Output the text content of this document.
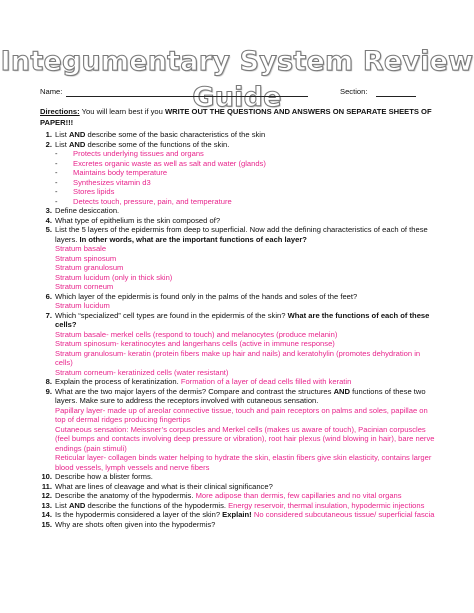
Integumentary System Review Guide
Name:	Section:
Directions: You will learn best if you WRITE OUT THE QUESTIONS AND ANSWERS ON SEPARATE SHEETS OF PAPER!!!
1. List AND describe some of the basic characteristics of the skin
2. List AND describe some of the functions of the skin.
- Protects underlying tissues and organs
- Excretes organic waste as well as salt and water (glands)
- Maintains body temperature
- Synthesizes vitamin d3
- Stores lipids
- Detects touch, pressure, pain, and temperature
3. Define desiccation.
4. What type of epithelium is the skin composed of?
5. List the 5 layers of the epidermis from deep to superficial. Now add the defining characteristics of each of these layers. In other words, what are the important functions of each layer?
Stratum basale
Stratum spinosum
Stratum granulosum
Stratum lucidum (only in thick skin)
Stratum corneum
6. Which layer of the epidermis is found only in the palms of the hands and soles of the feet?
Stratum lucidum
7. Which “specialized” cell types are found in the epidermis of the skin? What are the functions of each of these cells?
Stratum basale- merkel cells (respond to touch) and melanocytes (produce melanin)
Stratum spinosum- keratinocytes and langerhans cells (active in immune response)
Stratum granulosum- keratin (protein fibers make up hair and nails) and keratohylin (promotes dehydration in cells)
Stratum corneum- keratinized cells (water resistant)
8. Explain the process of keratinization. Formation of a layer of dead cells filled with keratin
9. What are the two major layers of the dermis? Compare and contrast the structures AND functions of these two layers. Make sure to address the receptors involved with cutaneous sensation.
Papillary layer- made up of areolar connective tissue, touch and pain receptors on palms and soles, papillae on top of dermal ridges producing fingertips
Cutaneous sensation: Meissner’s corpuscles and Merkel cells (makes us aware of touch), Pacinian corpuscles (feel bumps and contacts involving deep pressure or vibration), root hair plexus (wind blowing in hair), bare nerve endings (pain stimuli)
Reticular layer- collagen binds water helping to hydrate the skin, elastin fibers give skin elasticity, contains larger blood vessels, lymph vessels and nerve fibers
10. Describe how a blister forms.
11. What are lines of cleavage and what is their clinical significance?
12. Describe the anatomy of the hypodermis. More adipose than dermis, few capillaries and no vital organs
13. List AND describe the functions of the hypodermis. Energy reservoir, thermal insulation, hypodermic injections
14. Is the hypodermis considered a layer of the skin? Explain! No considered subcutaneous tissue/ superficial fascia
15. Why are shots often given into the hypodermis?
